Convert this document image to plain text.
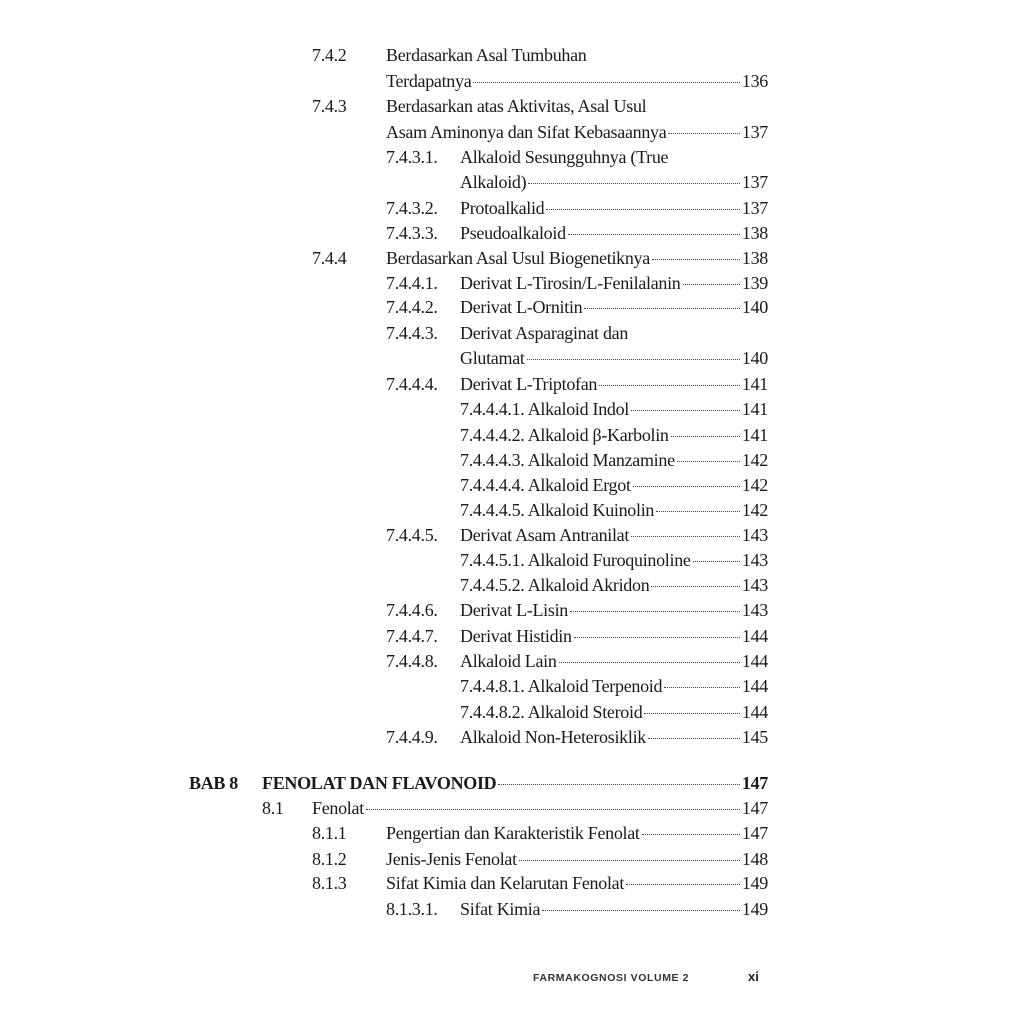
7.4.2 Berdasarkan Asal Tumbuhan
Terdapatnya	136
7.4.3 Berdasarkan atas Aktivitas, Asal Usul
Asam Aminonya dan Sifat Kebasaannya	137
7.4.3.1. Alkaloid Sesungguhnya (True
Alkaloid)	137
7.4.3.2. Protoalkalid	137
7.4.3.3. Pseudoalkaloid	138
7.4.4 Berdasarkan Asal Usul Biogenetiknya	138
7.4.4.1. Derivat L-Tirosin/L-Fenilalanin	139
7.4.4.2. Derivat L-Ornitin	140
7.4.4.3. Derivat Asparaginat dan
Glutamat	140
7.4.4.4. Derivat L-Triptofan	141
7.4.4.4.1. Alkaloid Indol	141
7.4.4.4.2. Alkaloid β-Karbolin	141
7.4.4.4.3. Alkaloid Manzamine	142
7.4.4.4.4. Alkaloid Ergot	142
7.4.4.4.5. Alkaloid Kuinolin	142
7.4.4.5. Derivat Asam Antranilat	143
7.4.4.5.1. Alkaloid Furoquinoline	143
7.4.4.5.2. Alkaloid Akridon	143
7.4.4.6. Derivat L-Lisin	143
7.4.4.7. Derivat Histidin	144
7.4.4.8. Alkaloid Lain	144
7.4.4.8.1. Alkaloid Terpenoid	144
7.4.4.8.2. Alkaloid Steroid	144
7.4.4.9. Alkaloid Non-Heterosiklik	145
BAB 8 FENOLAT DAN FLAVONOID	147
8.1 Fenolat	147
8.1.1 Pengertian dan Karakteristik Fenolat	147
8.1.2 Jenis-Jenis Fenolat	148
8.1.3 Sifat Kimia dan Kelarutan Fenolat	149
8.1.3.1. Sifat Kimia	149
FARMAKOGNOSI VOLUME 2	xi
